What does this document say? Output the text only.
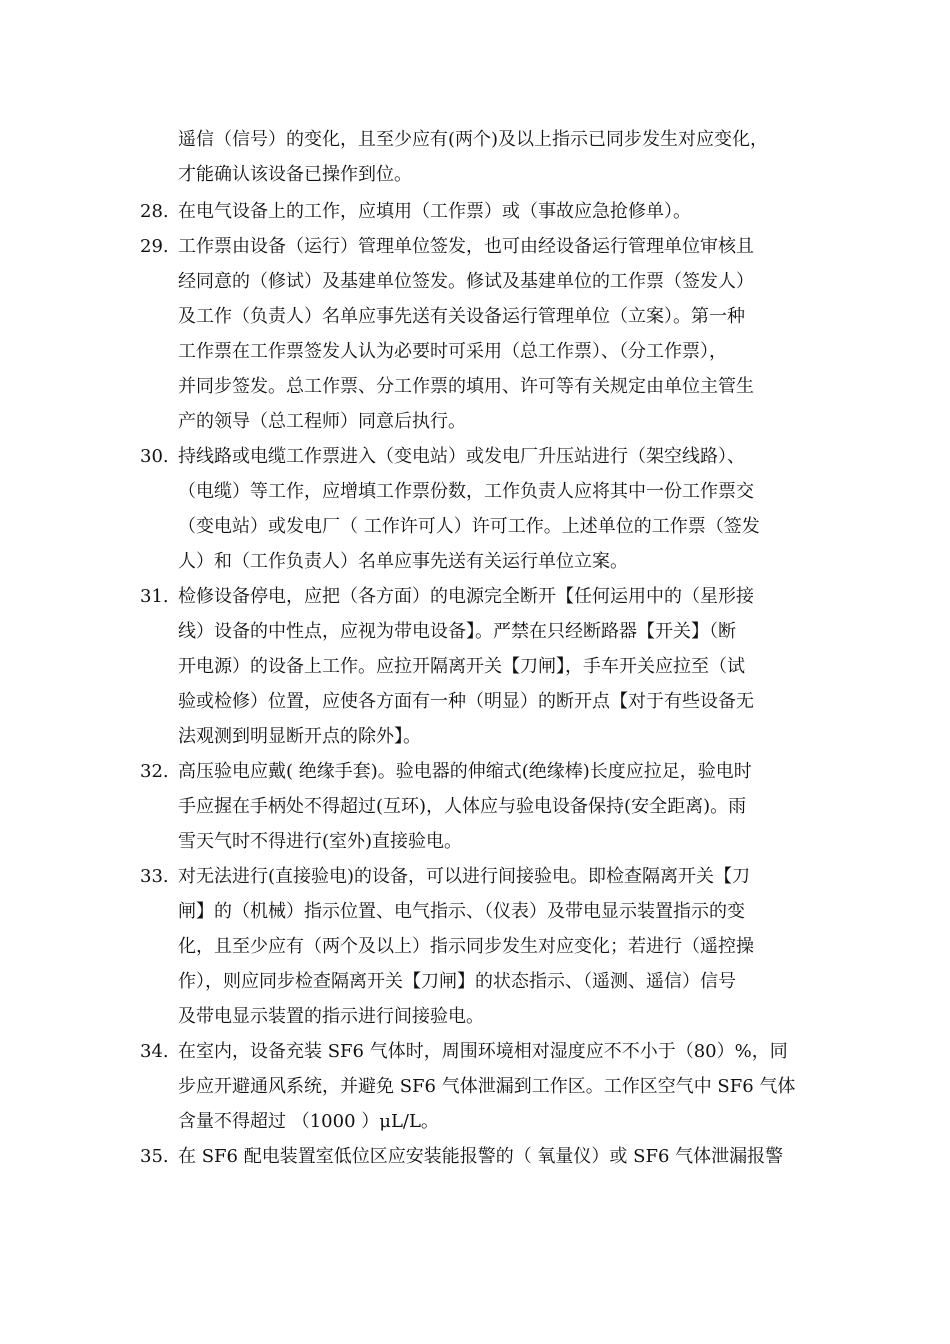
遥信（信号）的变化，且至少应有(两个)及以上指示已同步发生对应变化，
才能确认该设备已操作到位。
28. 在电气设备上的工作，应填用（工作票）或（事故应急抢修单）。
29. 工作票由设备（运行）管理单位签发，也可由经设备运行管理单位审核且
经同意的（修试）及基建单位签发。修试及基建单位的工作票（签发人）
及工作（负责人）名单应事先送有关设备运行管理单位（立案）。第一种
工作票在工作票签发人认为必要时可采用（总工作票）、（分工作票），
并同步签发。总工作票、分工作票的填用、许可等有关规定由单位主管生
产的领导（总工程师）同意后执行。
30. 持线路或电缆工作票进入（变电站）或发电厂升压站进行（架空线路）、
（电缆）等工作，应增填工作票份数，工作负责人应将其中一份工作票交
（变电站）或发电厂（ 工作许可人）许可工作。上述单位的工作票（签发
人）和（工作负责人）名单应事先送有关运行单位立案。
31. 检修设备停电，应把（各方面）的电源完全断开【任何运用中的（星形接
线）设备的中性点，应视为带电设备】。严禁在只经断路器【开关】（断
开电源）的设备上工作。应拉开隔离开关【刀闸】，手车开关应拉至（试
验或检修）位置，应使各方面有一种（明显）的断开点【对于有些设备无
法观测到明显断开点的除外】。
32. 高压验电应戴( 绝缘手套)。验电器的伸缩式(绝缘棒)长度应拉足，验电时
手应握在手柄处不得超过(互环)，人体应与验电设备保持(安全距离)。雨
雪天气时不得进行(室外)直接验电。
33. 对无法进行(直接验电)的设备，可以进行间接验电。即检查隔离开关【刀
闸】的（机械）指示位置、电气指示、（仪表）及带电显示装置指示的变
化，且至少应有（两个及以上）指示同步发生对应变化；若进行（遥控操
作），则应同步检查隔离开关【刀闸】的状态指示、（遥测、遥信）信号
及带电显示装置的指示进行间接验电。
34. 在室内，设备充装 SF6 气体时，周围环境相对湿度应不不小于（80）%，同
步应开避通风系统，并避免 SF6 气体泄漏到工作区。工作区空气中 SF6 气体
含量不得超过 （1000 ）μL/L。
35. 在 SF6 配电装置室低位区应安装能报警的（ 氧量仪）或 SF6 气体泄漏报警
